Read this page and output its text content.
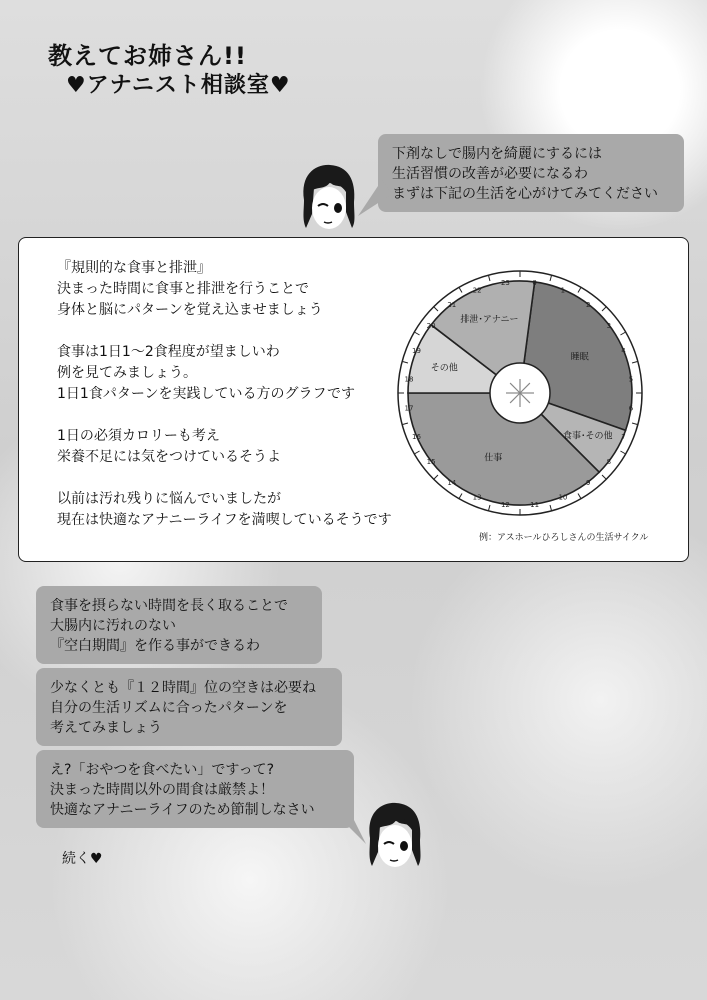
教えてお姉さん!!
♥アナニスト相談室♥
下剤なしで腸内を綺麗にするには
生活習慣の改善が必要になるわ
まずは下記の生活を心がけてみてください
『規則的な食事と排泄』
決まった時間に食事と排泄を行うことで
身体と脳にパターンを覚え込ませましょう
食事は1日1～2食程度が望ましいわ
例を見てみましょう。
1日1食パターンを実践している方のグラフです
1日の必須カロリーも考え
栄養不足には気をつけているそうよ
以前は汚れ残りに悩んでいましたが
現在は快適なアナニーライフを満喫しているそうです
例：アスホールひろしさんの生活サイクル
睡眠
食事･その他
仕事
その他
排泄･アナニー
0
1
2
3
4
5
6
7
8
9
10
11
12
13
14
15
16
17
18
19
20
21
22
23
食事を摂らない時間を長く取ることで
大腸内に汚れのない
『空白期間』を作る事ができるわ
少なくとも『１２時間』位の空きは必要ね
自分の生活リズムに合ったパターンを
考えてみましょう
え?「おやつを食べたい」ですって?
決まった時間以外の間食は厳禁よ！
快適なアナニーライフのため節制しなさい
続く♥
